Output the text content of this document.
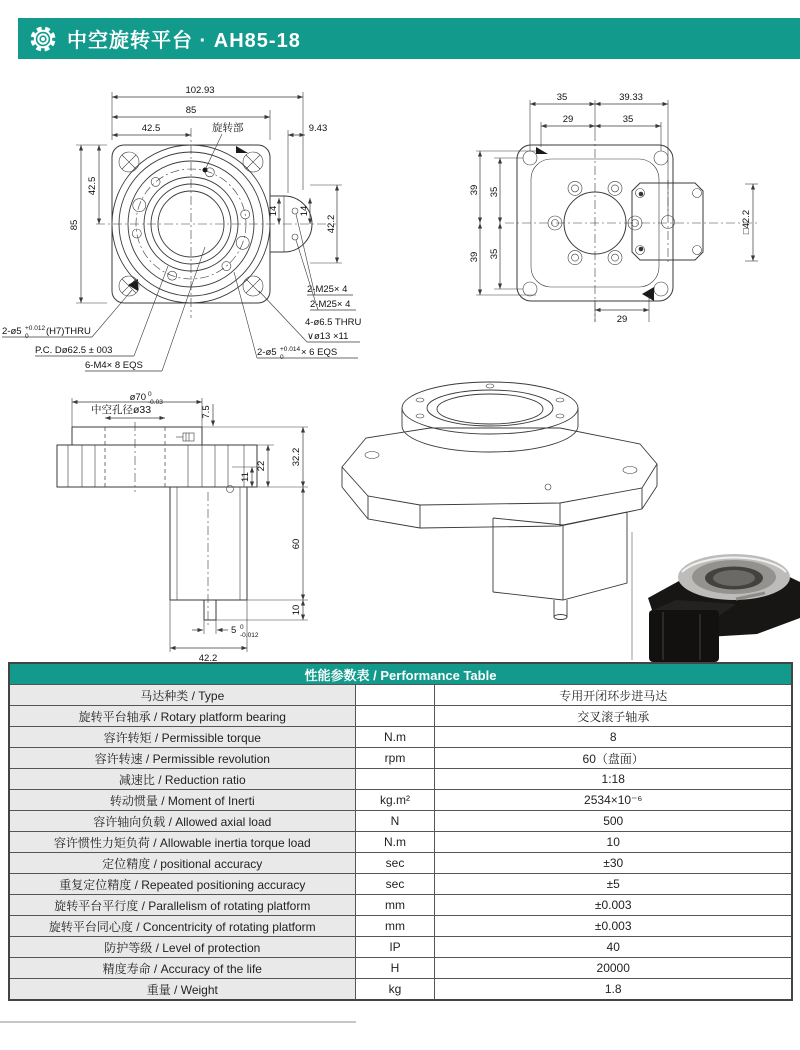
中空旋转平台 · AH85-18
102.93
85
42.5	9.43
旋转部
85
42.5
14 14
42.2
2-ø5 +0.012
0 (H7)THRU
P.C. Dø62.5 ± 003
6-M4× 8 EQS
2-M25× 4
2-M25× 4
4-ø6.5 THRU
∨ø13 ×11
2-ø5 +0.014
0 × 6 EQS
35	39.33
29	35
39 35
39 35
□42.2
29
ø70 0
-0.03
中空孔径ø33	7.5
32.2
22
11
60
10
5 0
-0.012
42.2
性能参数表 / Performance Table		
马达种类 / Type		专用开闭环步进马达
旋转平台轴承 / Rotary platform bearing		交叉滚子轴承
容许转矩 / Permissible torque	N.m	8
容许转速 / Permissible revolution	rpm	60（盘面）
减速比 / Reduction ratio		1:18
转动惯量 / Moment of Inerti	kg.m²	2534×10⁻⁶
容许轴向负载 / Allowed axial load	N	500
容许惯性力矩负荷 / Allowable inertia torque load	N.m	10
定位精度 / positional accuracy	sec	±30
重复定位精度 / Repeated positioning accuracy	sec	±5
旋转平台平行度 / Parallelism of rotating platform	mm	±0.003
旋转平台同心度 / Concentricity of rotating platform	mm	±0.003
防护等级 / Level of protection	IP	40
精度寿命 / Accuracy of the life	H	20000
重量 / Weight	kg	1.8
